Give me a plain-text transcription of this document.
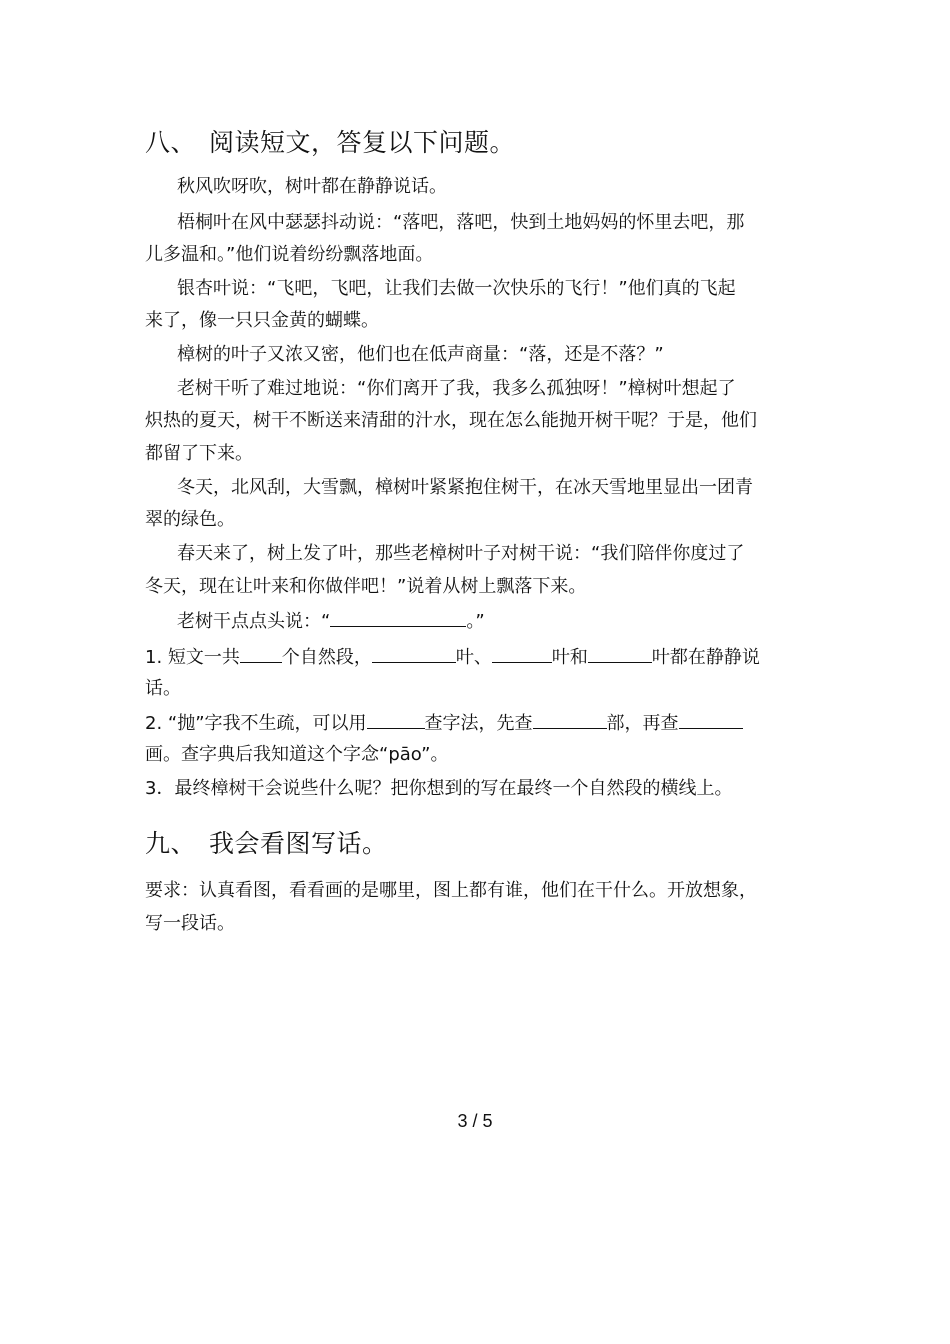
八、 阅读短文，答复以下问题。
秋风吹呀吹，树叶都在静静说话。
梧桐叶在风中瑟瑟抖动说：“落吧，落吧，快到土地妈妈的怀里去吧，那
儿多温和。”他们说着纷纷飘落地面。
银杏叶说：“飞吧，飞吧，让我们去做一次快乐的飞行！”他们真的飞起
来了，像一只只金黄的蝴蝶。
樟树的叶子又浓又密，他们也在低声商量：“落，还是不落？”
老树干听了难过地说：“你们离开了我，我多么孤独呀！”樟树叶想起了
炽热的夏天，树干不断送来清甜的汁水，现在怎么能抛开树干呢？于是，他们
都留了下来。
冬天，北风刮，大雪飘，樟树叶紧紧抱住树干，在冰天雪地里显出一团青
翠的绿色。
春天来了，树上发了叶，那些老樟树叶子对树干说：“我们陪伴你度过了
冬天，现在让叶来和你做伴吧！”说着从树上飘落下来。
老树干点点头说：“	。”
1. 短文一共 个自然段，	叶、	叶和	叶都在静静说
话。
2. “抛”字我不生疏，可以用	查字法，先查	部，再查
画。查字典后我知道这个字念“pāo”。
3．最终樟树干会说些什么呢？把你想到的写在最终一个自然段的横线上。
九、 我会看图写话。
要求：认真看图，看看画的是哪里，图上都有谁，他们在干什么。开放想象，
写一段话。
3 / 5
